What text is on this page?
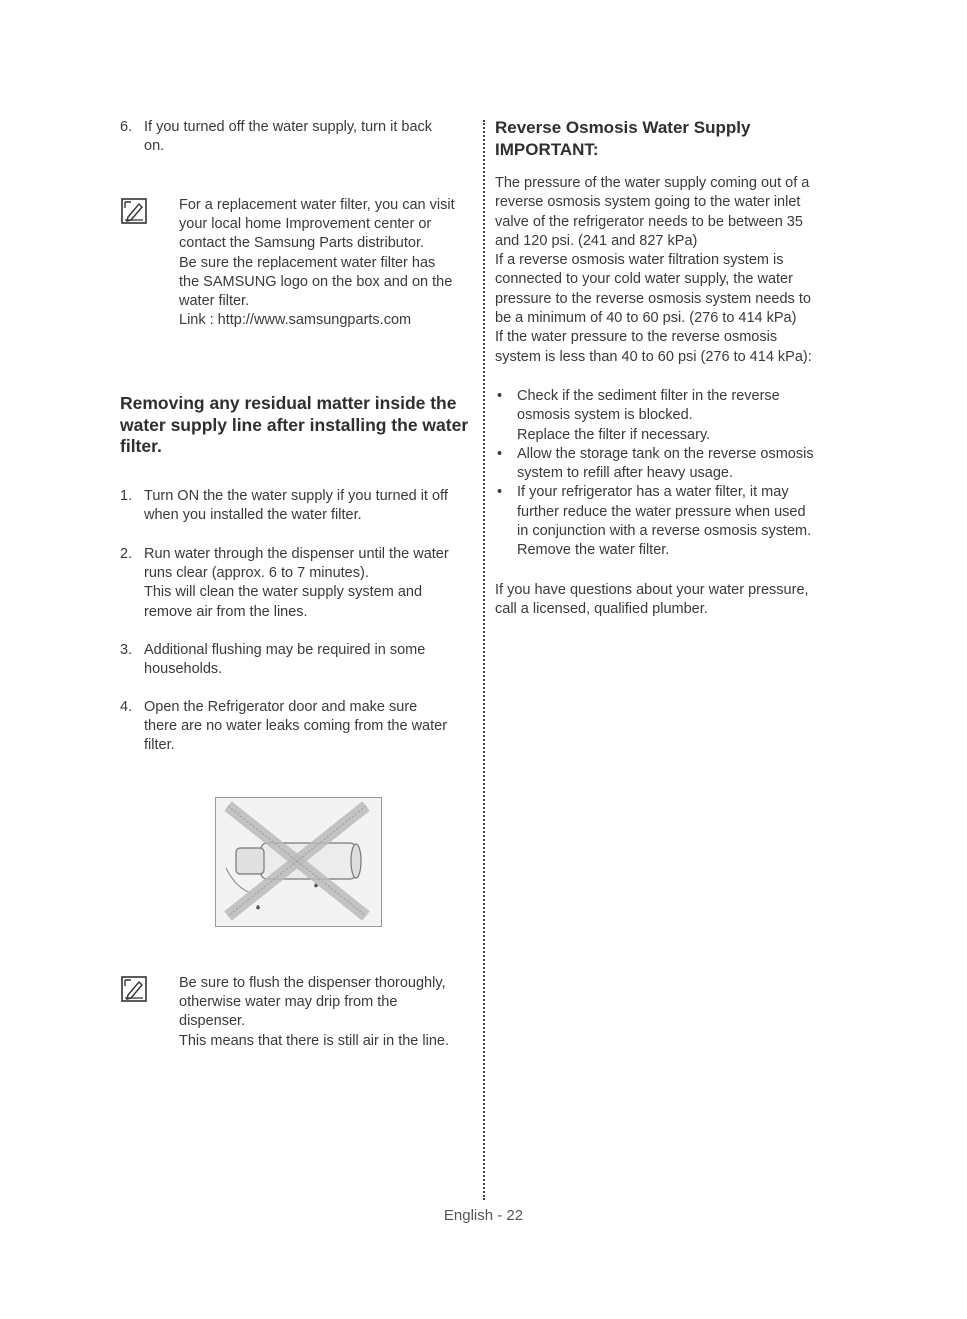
6. If you turned off the water supply, turn it back

on.

For a replacement water filter, you can visit

your local home Improvement center or

contact the Samsung Parts distributor.

Be sure the replacement water filter has

the SAMSUNG logo on the box and on the

water filter.

Link : http://www.samsungparts.com

Removing any residual matter inside the
water supply line after installing the water
filter.
1. Turn ON the the water supply if you turned it off

when you installed the water filter.

2. Run water through the dispenser until the water

runs clear (approx. 6 to 7 minutes).

This will clean the water supply system and

remove air from the lines.

3. Additional flushing may be required in some

households.

4. Open the Refrigerator door and make sure

there are no water leaks coming from the water

filter.

Be sure to flush the dispenser thoroughly,

otherwise water may drip from the

dispenser.

This means that there is still air in the line.

Reverse Osmosis Water Supply

IMPORTANT:

The pressure of the water supply coming out of a

reverse osmosis system going to the water inlet

valve of the refrigerator needs to be between 35

and 120 psi. (241 and 827 kPa)

If a reverse osmosis water filtration system is

connected to your cold water supply, the water

pressure to the reverse osmosis system needs to

be a minimum of 40 to 60 psi. (276 to 414 kPa)

If the water pressure to the reverse osmosis

system is less than 40 to 60 psi (276 to 414 kPa):

• Check if the sediment filter in the reverse

osmosis system is blocked.

Replace the filter if necessary.

• Allow the storage tank on the reverse osmosis

system to refill after heavy usage.

• If your refrigerator has a water filter, it may

further reduce the water pressure when used

in conjunction with a reverse osmosis system.

Remove the water filter.

If you have questions about your water pressure,

call a licensed, qualified plumber.

English - 22
